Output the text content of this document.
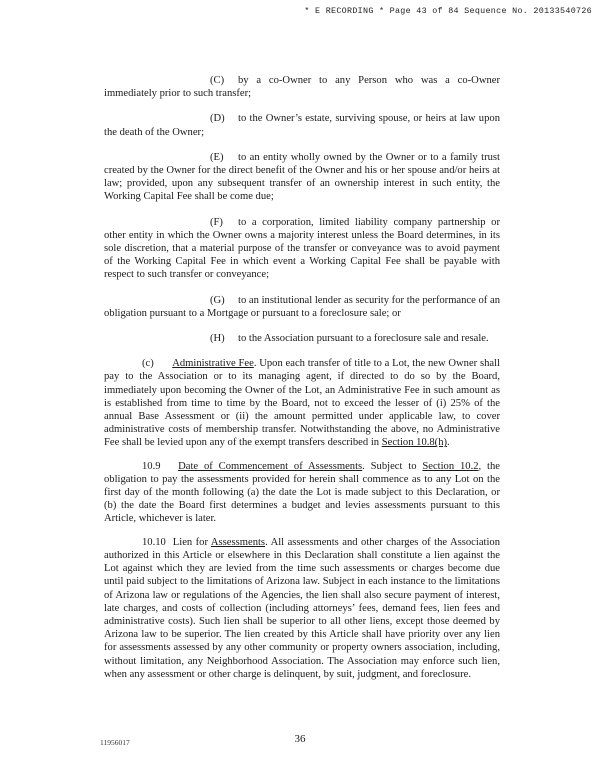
* E RECORDING * Page 43 of 84 Sequence No. 20133540726

(C) by a co-Owner to any Person who was a co-Owner immediately prior to such transfer;

(D) to the Owner’s estate, surviving spouse, or heirs at law upon the death of the Owner;

(E) to an entity wholly owned by the Owner or to a family trust created by the Owner for the direct benefit of the Owner and his or her spouse and/or heirs at law; provided, upon any subsequent transfer of an ownership interest in such entity, the Working Capital Fee shall be come due;

(F) to a corporation, limited liability company partnership or other entity in which the Owner owns a majority interest unless the Board determines, in its sole discretion, that a material purpose of the transfer or conveyance was to avoid payment of the Working Capital Fee in which event a Working Capital Fee shall be payable with respect to such transfer or conveyance;

(G) to an institutional lender as security for the performance of an obligation pursuant to a Mortgage or pursuant to a foreclosure sale; or

(H) to the Association pursuant to a foreclosure sale and resale.

(c) Administrative Fee. Upon each transfer of title to a Lot, the new Owner shall pay to the Association or to its managing agent, if directed to do so by the Board, immediately upon becoming the Owner of the Lot, an Administrative Fee in such amount as is established from time to time by the Board, not to exceed the lesser of (i) 25% of the annual Base Assessment or (ii) the amount permitted under applicable law, to cover administrative costs of membership transfer. Notwithstanding the above, no Administrative Fee shall be levied upon any of the exempt transfers described in Section 10.8(h).

10.9 Date of Commencement of Assessments. Subject to Section 10.2, the obligation to pay the assessments provided for herein shall commence as to any Lot on the first day of the month following (a) the date the Lot is made subject to this Declaration, or (b) the date the Board first determines a budget and levies assessments pursuant to this Article, whichever is later.

10.10 Lien for Assessments. All assessments and other charges of the Association authorized in this Article or elsewhere in this Declaration shall constitute a lien against the Lot against which they are levied from the time such assessments or charges become due until paid subject to the limitations of Arizona law. Subject in each instance to the limitations of Arizona law or regulations of the Agencies, the lien shall also secure payment of interest, late charges, and costs of collection (including attorneys’ fees, demand fees, lien fees and administrative costs). Such lien shall be superior to all other liens, except those deemed by Arizona law to be superior. The lien created by this Article shall have priority over any lien for assessments assessed by any other community or property owners association, including, without limitation, any Neighborhood Association. The Association may enforce such lien, when any assessment or other charge is delinquent, by suit, judgment, and foreclosure.

11956017	36
